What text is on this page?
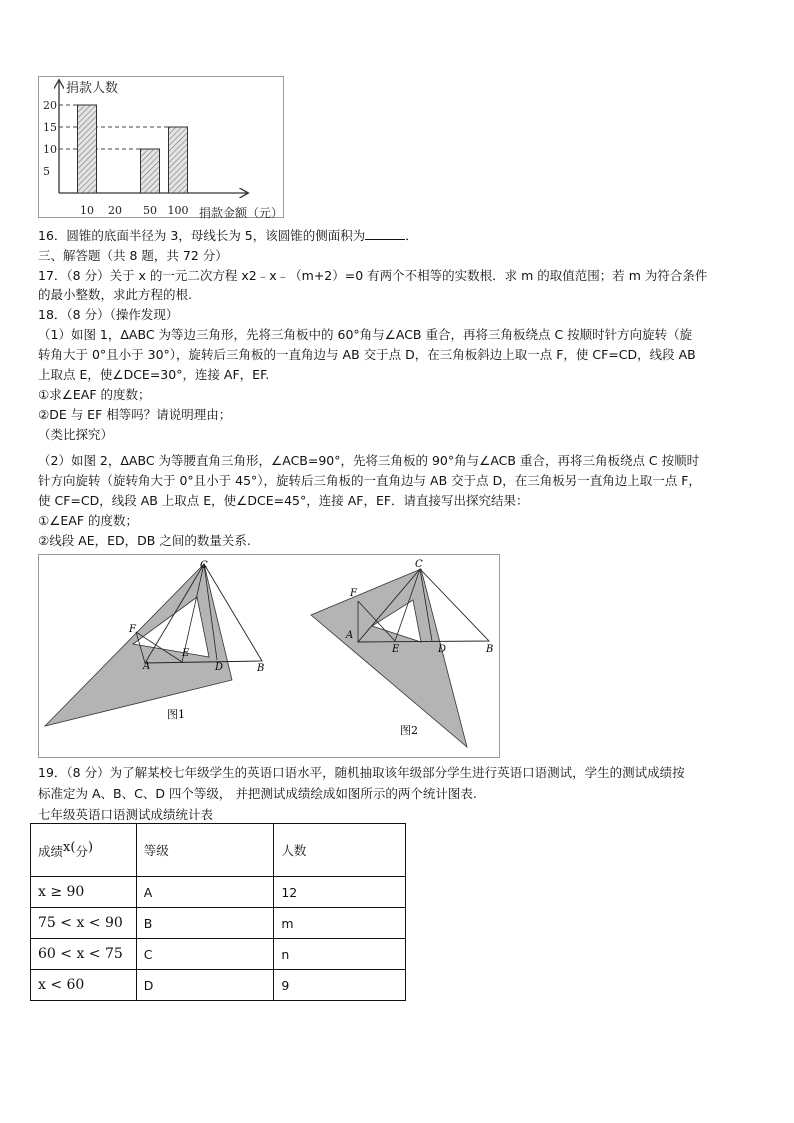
捐款人数
捐款金额（元）
5
10
15
20
10 20 50 100
16．圆锥的底面半径为 3，母线长为 5，该圆锥的侧面积为	．
三、解答题（共 8 题，共 72 分）
17．（8 分）关于 x 的一元二次方程 x2﹣x﹣（m+2）=0 有两个不相等的实数根．求 m 的取值范围；若 m 为符合条件
的最小整数，求此方程的根.
18．（8 分）（操作发现）
（1）如图 1，ΔABC 为等边三角形，先将三角板中的 60°角与∠ACB 重合，再将三角板绕点 C 按顺时针方向旋转（旋
转角大于 0°且小于 30°），旋转后三角板的一直角边与 AB 交于点 D，在三角板斜边上取一点 F，使 CF=CD，线段 AB
上取点 E，使∠DCE=30°，连接 AF，EF.
①求∠EAF 的度数；
②DE 与 EF 相等吗？请说明理由；
（类比探究）
（2）如图 2，ΔABC 为等腰直角三角形，∠ACB=90°，先将三角板的 90°角与∠ACB 重合，再将三角板绕点 C 按顺时
针方向旋转（旋转角大于 0°且小于 45°），旋转后三角板的一直角边与 AB 交于点 D，在三角板另一直角边上取一点 F，
使 CF=CD，线段 AB 上取点 E，使∠DCE=45°，连接 AF，EF．请直接写出探究结果：
①∠EAF 的度数；
②线段 AE，ED，DB 之间的数量关系.
C
F
A
E
D	B
图1
C
F
A
E	D	B
图2
19．（8 分）为了解某校七年级学生的英语口语水平，随机抽取该年级部分学生进行英语口语测试，学生的测试成绩按
标准定为 A、B、C、D 四个等级， 并把测试成绩绘成如图所示的两个统计图表.
七年级英语口语测试成绩统计表
成绩x(分)	等级	人数
x ≥ 90	A	12
75 < x < 90	B	m
60 < x < 75	C	n
x < 60	D	9
